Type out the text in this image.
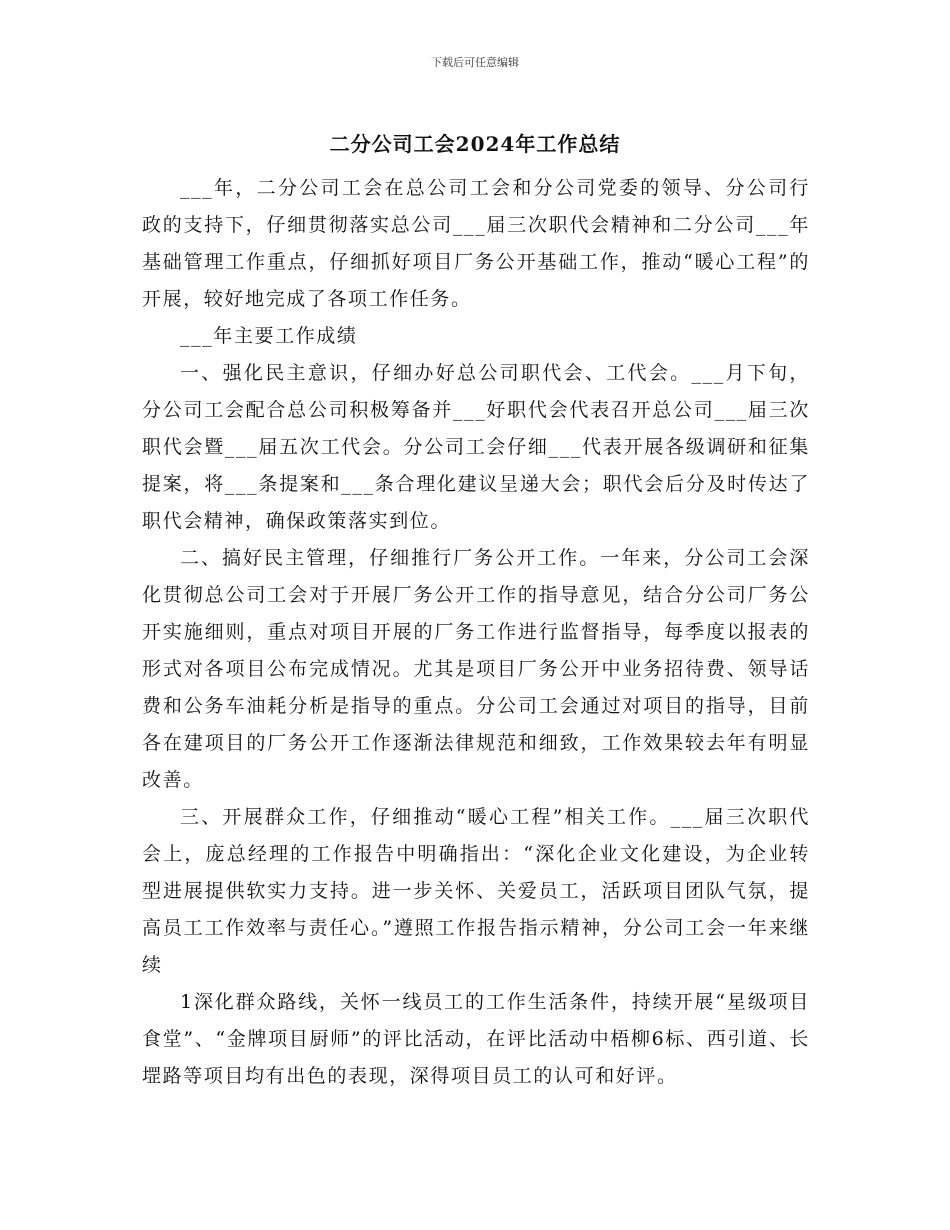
下载后可任意编辑
二分公司工会2024年工作总结

___年，二分公司工会在总公司工会和分公司党委的领导、分公司行政的支持下，仔细贯彻落实总公司___届三次职代会精神和二分公司___年基础管理工作重点，仔细抓好项目厂务公开基础工作，推动“暖心工程”的开展，较好地完成了各项工作任务。

___年主要工作成绩

一、强化民主意识，仔细办好总公司职代会、工代会。___月下旬，分公司工会配合总公司积极筹备并___好职代会代表召开总公司___届三次职代会暨___届五次工代会。分公司工会仔细___代表开展各级调研和征集提案，将___条提案和___条合理化建议呈递大会；职代会后分及时传达了职代会精神，确保政策落实到位。

二、搞好民主管理，仔细推行厂务公开工作。一年来，分公司工会深化贯彻总公司工会对于开展厂务公开工作的指导意见，结合分公司厂务公开实施细则，重点对项目开展的厂务工作进行监督指导，每季度以报表的形式对各项目公布完成情况。尤其是项目厂务公开中业务招待费、领导话费和公务车油耗分析是指导的重点。分公司工会通过对项目的指导，目前各在建项目的厂务公开工作逐渐法律规范和细致，工作效果较去年有明显改善。

三、开展群众工作，仔细推动“暖心工程”相关工作。___届三次职代会上，庞总经理的工作报告中明确指出：“深化企业文化建设，为企业转型进展提供软实力支持。进一步关怀、关爱员工，活跃项目团队气氛，提高员工工作效率与责任心。”遵照工作报告指示精神，分公司工会一年来继续

1深化群众路线，关怀一线员工的工作生活条件，持续开展“星级项目食堂”、“金牌项目厨师”的评比活动，在评比活动中梧柳6标、西引道、长堽路等项目均有出色的表现，深得项目员工的认可和好评。
